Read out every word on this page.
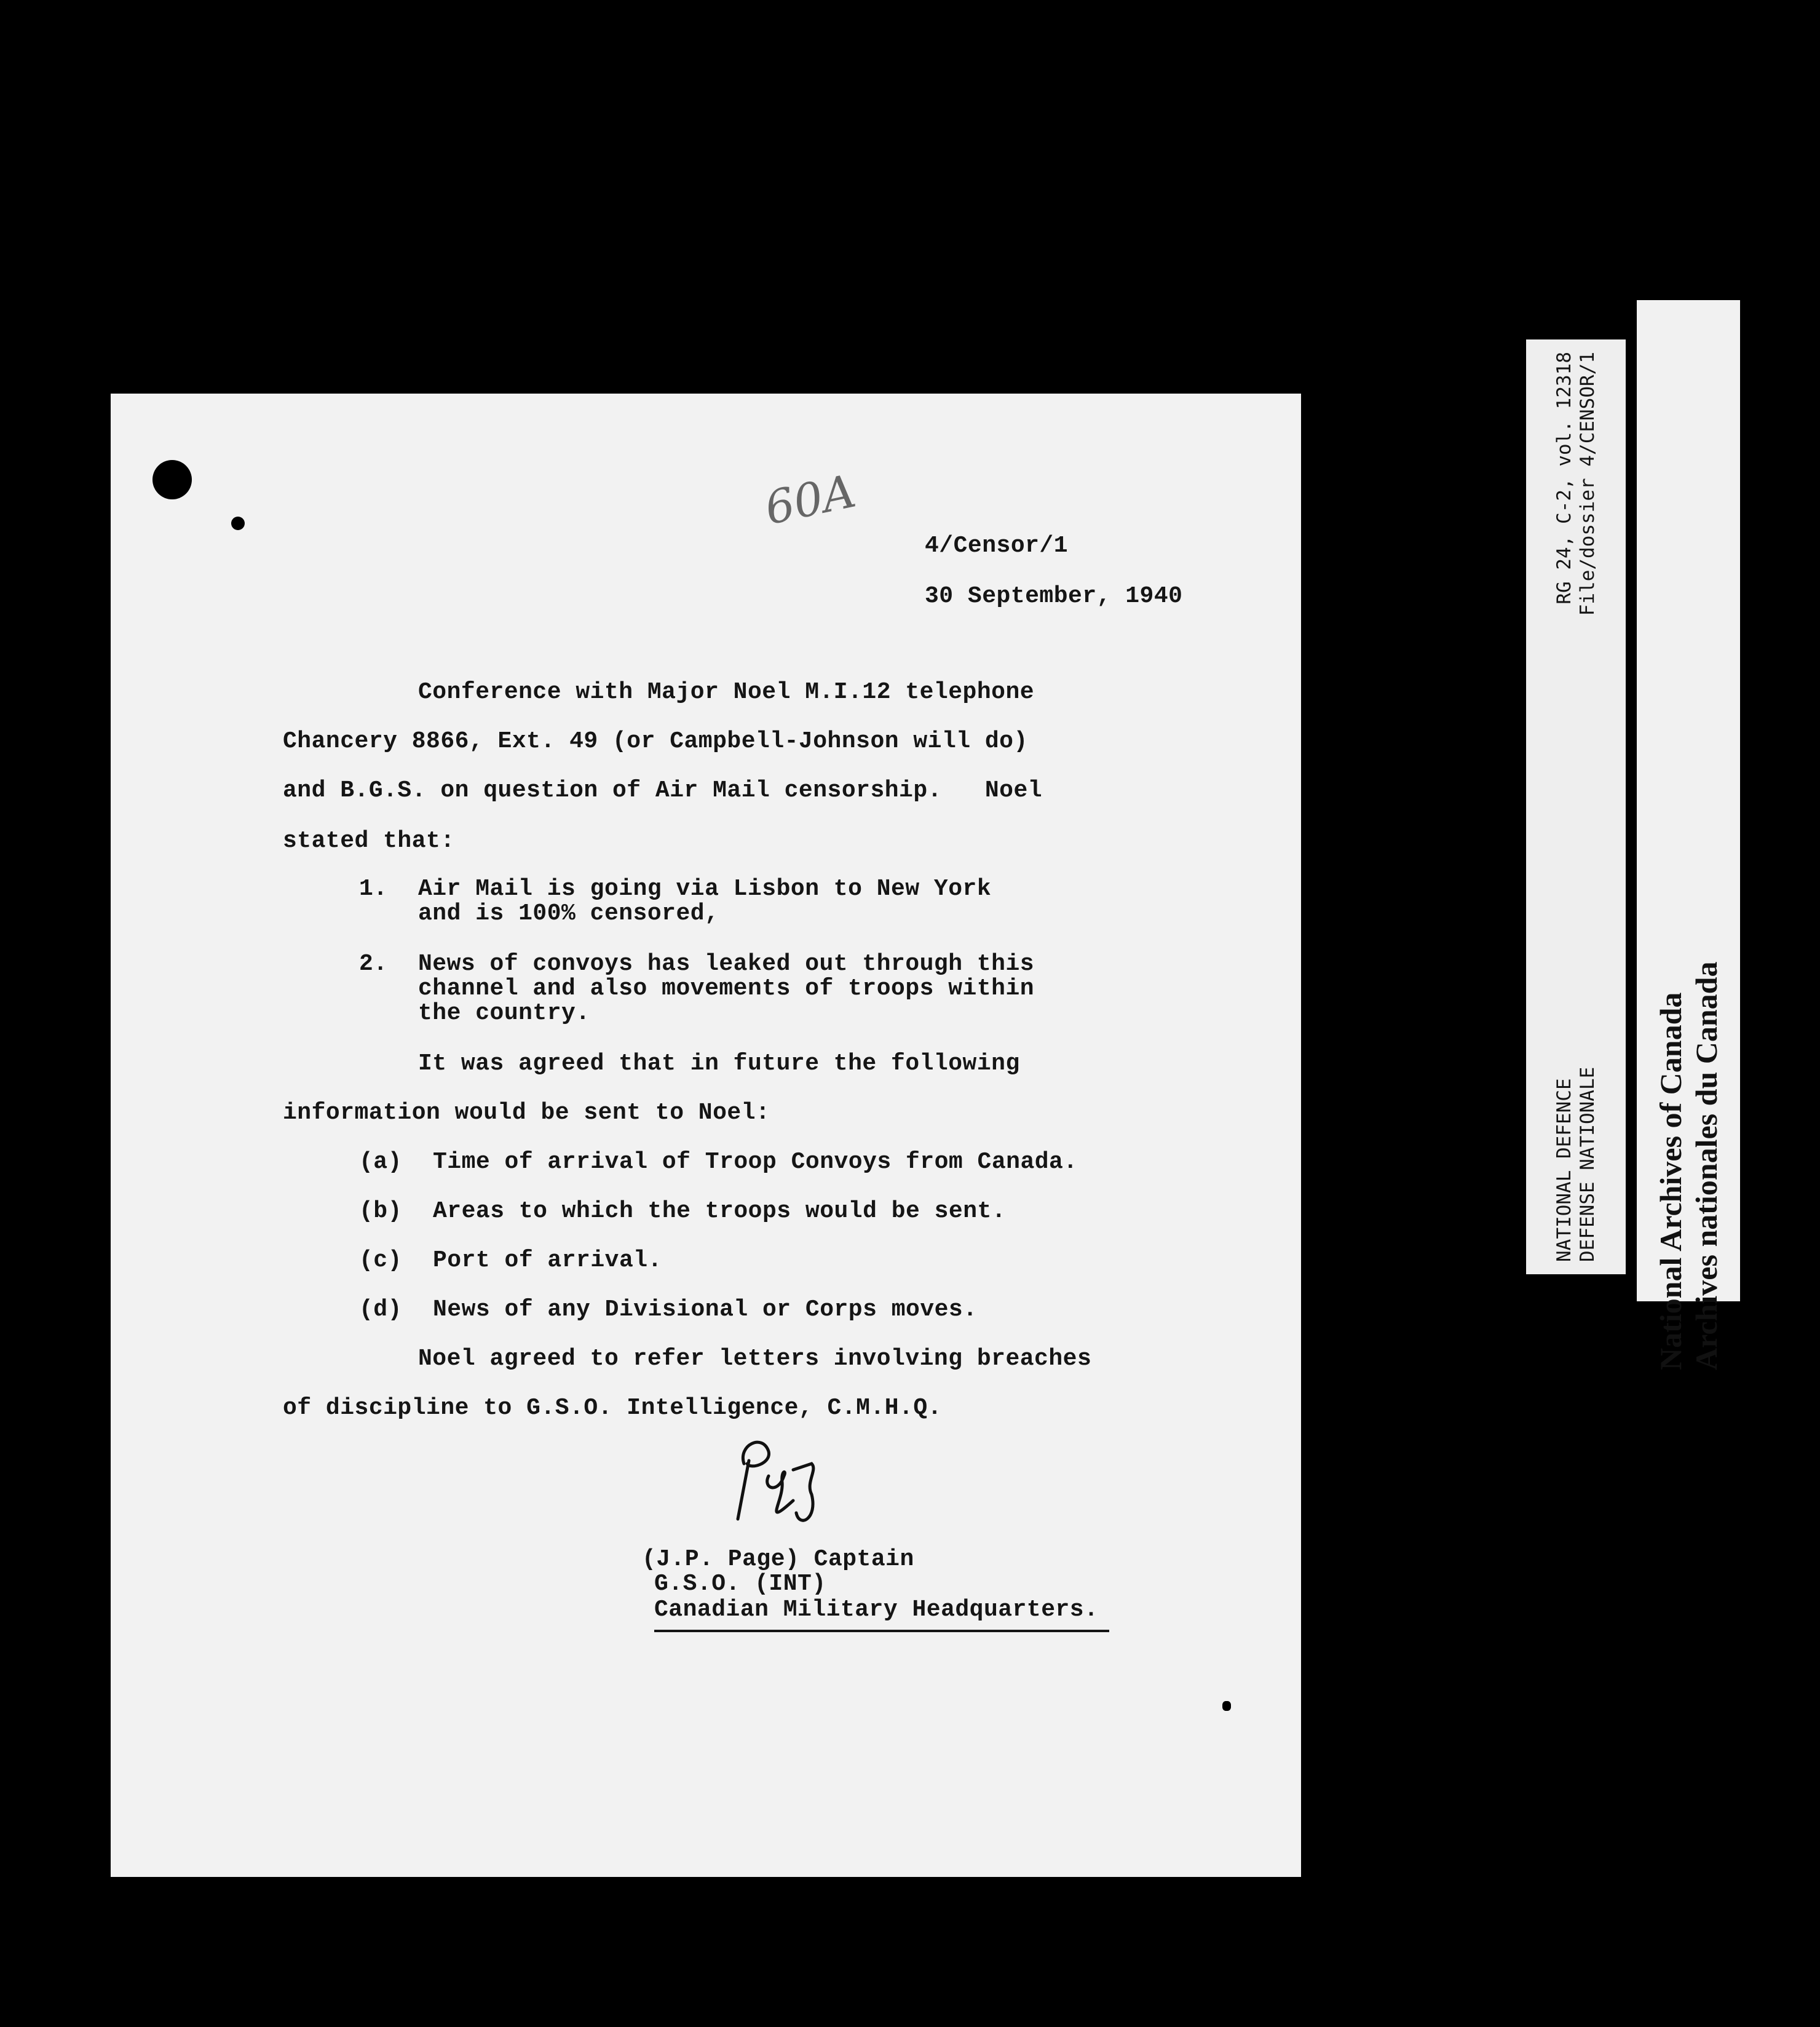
60A
4/Censor/1
30 September, 1940
Conference with Major Noel M.I.12 telephone
Chancery 8866, Ext. 49 (or Campbell-Johnson will do)
and B.G.S. on question of Air Mail censorship.   Noel
stated that:
1. Air Mail is going via Lisbon to New York
and is 100% censored,
2. News of convoys has leaked out through this
channel and also movements of troops within
the country.
It was agreed that in future the following
information would be sent to Noel:
(a) Time of arrival of Troop Convoys from Canada.
(b) Areas to which the troops would be sent.
(c) Port of arrival.
(d) News of any Divisional or Corps moves.
Noel agreed to refer letters involving breaches
of discipline to G.S.O. Intelligence, C.M.H.Q.
(J.P. Page) Captain
G.S.O. (INT)
Canadian Military Headquarters.
NATIONAL DEFENCE
RG 24, C-2, vol. 12318
DEFENSE NATIONALE
File/dossier 4/CENSOR/1
National Archives of Canada Archives nationales du Canada
